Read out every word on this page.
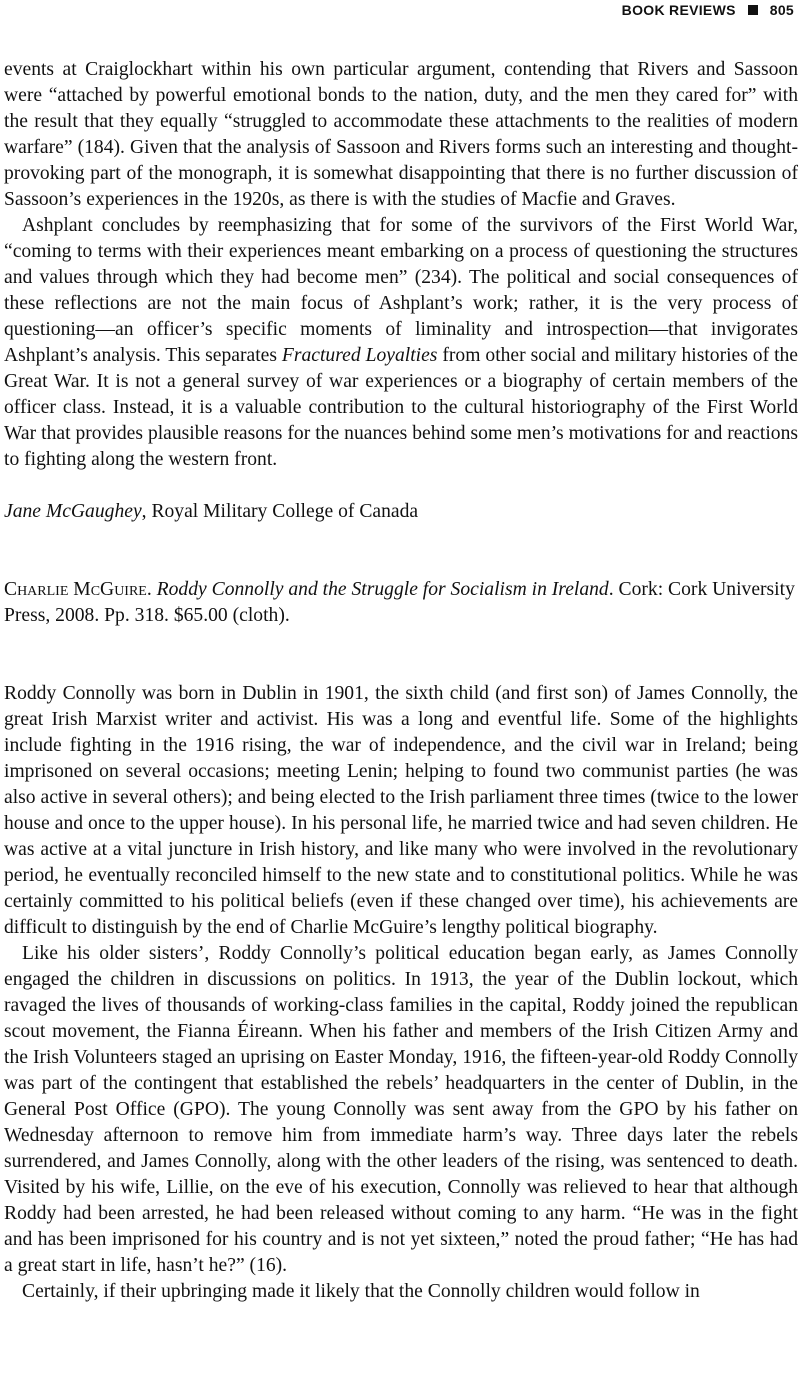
BOOK REVIEWS 805

events at Craiglockhart within his own particular argument, contending that Rivers and Sassoon were “attached by powerful emotional bonds to the nation, duty, and the men they cared for” with the result that they equally “struggled to accommodate these attachments to the realities of modern warfare” (184). Given that the analysis of Sassoon and Rivers forms such an interesting and thought-provoking part of the monograph, it is somewhat disappointing that there is no further discussion of Sassoon’s experiences in the 1920s, as there is with the studies of Macfie and Graves.

Ashplant concludes by reemphasizing that for some of the survivors of the First World War, “coming to terms with their experiences meant embarking on a process of questioning the structures and values through which they had become men” (234). The political and social consequences of these reflections are not the main focus of Ashplant’s work; rather, it is the very process of questioning—an officer’s specific moments of liminality and introspection—that invigorates Ashplant’s analysis. This separates Fractured Loyalties from other social and military histories of the Great War. It is not a general survey of war experiences or a biography of certain members of the officer class. Instead, it is a valuable contribution to the cultural historiography of the First World War that provides plausible reasons for the nuances behind some men’s motivations for and reactions to fighting along the western front.

Jane McGaughey, Royal Military College of Canada

Charlie McGuire. Roddy Connolly and the Struggle for Socialism in Ireland. Cork: Cork University Press, 2008. Pp. 318. $65.00 (cloth).

Roddy Connolly was born in Dublin in 1901, the sixth child (and first son) of James Connolly, the great Irish Marxist writer and activist. His was a long and eventful life. Some of the highlights include fighting in the 1916 rising, the war of independence, and the civil war in Ireland; being imprisoned on several occasions; meeting Lenin; helping to found two communist parties (he was also active in several others); and being elected to the Irish parliament three times (twice to the lower house and once to the upper house). In his personal life, he married twice and had seven children. He was active at a vital juncture in Irish history, and like many who were involved in the revolutionary period, he eventually reconciled himself to the new state and to constitutional politics. While he was certainly committed to his political beliefs (even if these changed over time), his achievements are difficult to distinguish by the end of Charlie McGuire’s lengthy political biography.

Like his older sisters’, Roddy Connolly’s political education began early, as James Connolly engaged the children in discussions on politics. In 1913, the year of the Dublin lockout, which ravaged the lives of thousands of working-class families in the capital, Roddy joined the republican scout movement, the Fianna Éireann. When his father and members of the Irish Citizen Army and the Irish Volunteers staged an uprising on Easter Monday, 1916, the fifteen-year-old Roddy Connolly was part of the contingent that established the rebels’ headquarters in the center of Dublin, in the General Post Office (GPO). The young Connolly was sent away from the GPO by his father on Wednesday afternoon to remove him from immediate harm’s way. Three days later the rebels surrendered, and James Connolly, along with the other leaders of the rising, was sentenced to death. Visited by his wife, Lillie, on the eve of his execution, Connolly was relieved to hear that although Roddy had been arrested, he had been released without coming to any harm. “He was in the fight and has been imprisoned for his country and is not yet sixteen,” noted the proud father; “He has had a great start in life, hasn’t he?” (16).

Certainly, if their upbringing made it likely that the Connolly children would follow in
